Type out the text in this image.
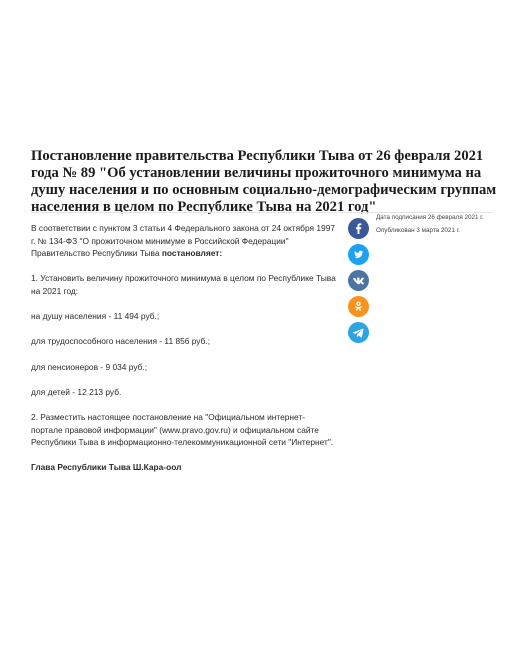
Постановление правительства Республики Тыва от 26 февраля 2021 года № 89 "Об установлении величины прожиточного минимума на душу населения и по основным социально-демографическим группам населения в целом по Республике Тыва на 2021 год"

В соответствии с пунктом 3 статьи 4 Федерального закона от 24 октября 1997 г. № 134-ФЗ "О прожиточном минимуме в Российской Федерации" Правительство Республики Тыва постановляет:

1. Установить величину прожиточного минимума в целом по Республике Тыва на 2021 год:

на душу населения - 11 494 руб.;

для трудоспособного населения - 11 856 руб.;

для пенсионеров - 9 034 руб.;

для детей - 12 213 руб.

2. Разместить настоящее постановление на "Официальном интернет-портале правовой информации" (www.pravo.gov.ru) и официальном сайте Республики Тыва в информационно-телекоммуникационной сети "Интернет".

Глава Республики Тыва Ш.Кара-оол

Дата подписания 26 февраля 2021 г.
Опубликован 3 марта 2021 г.
